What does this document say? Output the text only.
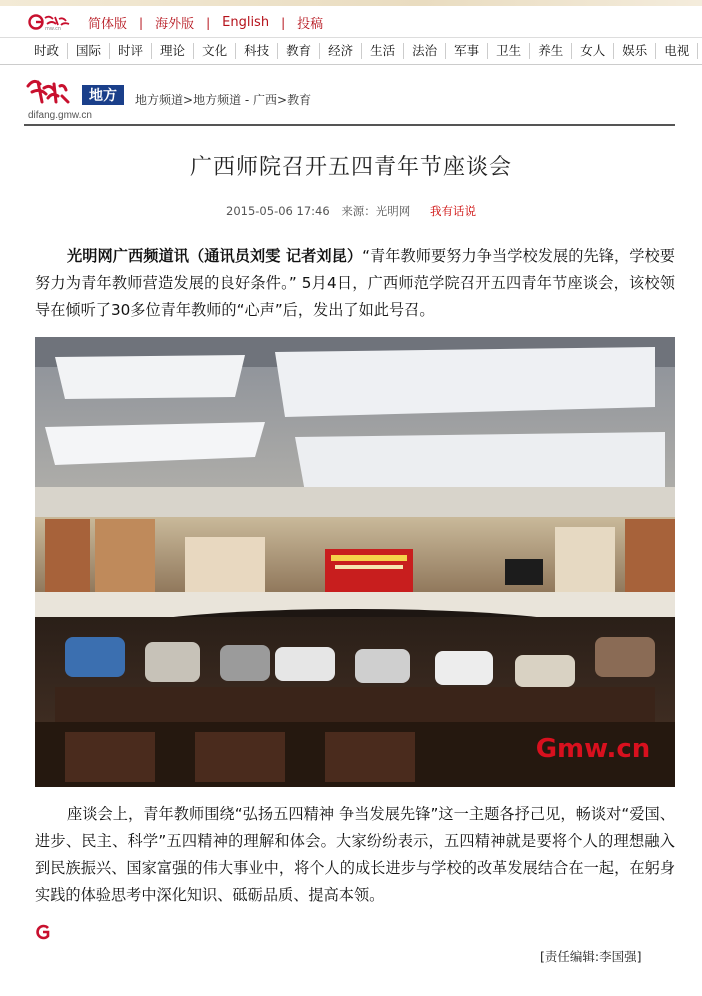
mw.cn 简体版 | 海外版 | English | 投稿
时政	国际	时评	理论	文化	科技	教育	经济	生活	法治	军事	卫生	养生	女人	娱乐	电视
地方
difang.gmw.cn
地方频道>地方频道 - 广西>教育
广西师院召开五四青年节座谈会
2015-05-06 17:46 来源：光明网 我有话说

光明网广西频道讯（通讯员刘雯 记者刘昆）“青年教师要努力争当学校发展的先锋，学校要努力为青年教师营造发展的良好条件。” 5月4日，广西师范学院召开五四青年节座谈会，该校领导在倾听了30多位青年教师的“心声”后，发出了如此号召。

Gmw.cn

座谈会上，青年教师围绕“弘扬五四精神 争当发展先锋”这一主题各抒己见，畅谈对“爱国、进步、民主、科学”五四精神的理解和体会。大家纷纷表示，五四精神就是要将个人的理想融入到民族振兴、国家富强的伟大事业中，将个人的成长进步与学校的改革发展结合在一起，在躬身实践的体验思考中深化知识、砥砺品质、提高本领。

[责任编辑:李国强]
